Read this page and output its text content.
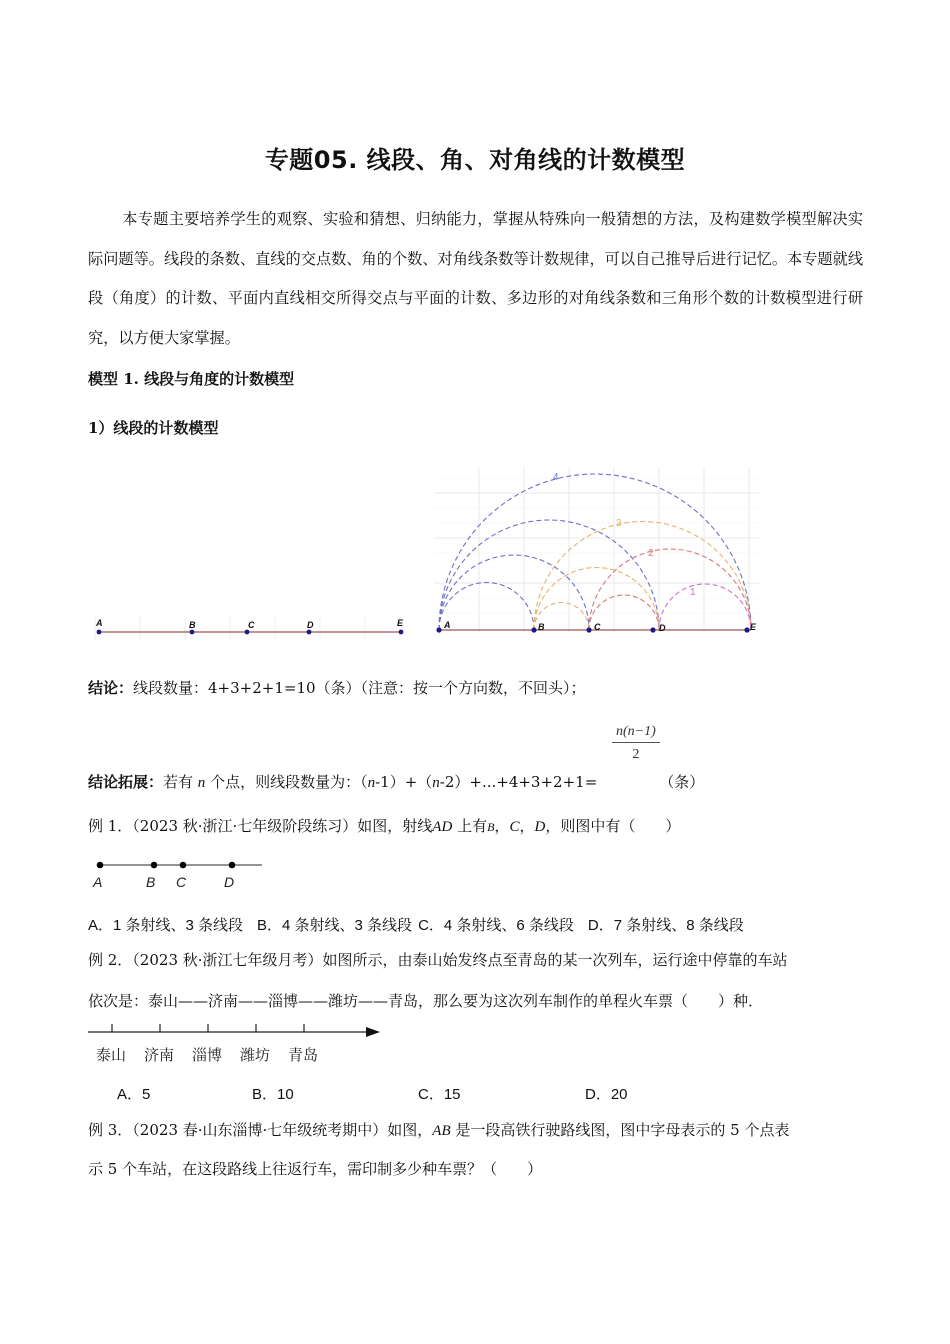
专题05. 线段、角、对角线的计数模型
本专题主要培养学生的观察、实验和猜想、归纳能力，掌握从特殊向一般猜想的方法，及构建数学模型解决实际问题等。线段的条数、直线的交点数、角的个数、对角线条数等计数规律，可以自己推导后进行记忆。本专题就线段（角度）的计数、平面内直线相交所得交点与平面的计数、多边形的对角线条数和三角形个数的计数模型进行研究，以方便大家掌握。
模型 1. 线段与角度的计数模型
1）线段的计数模型
A	B	C	D	E
4
3
2
1
A	B	C	D	E
结论：线段数量：4+3+2+1=10（条）（注意：按一个方向数，不回头）；
$\frac{n(n-1)}{2}$
结论拓展：若有 n 个点，则线段数量为：（n-1）+（n-2）+...+4+3+2+1=	（条）
例 1．（2023 秋·浙江·七年级阶段练习）如图，射线AD 上有B，C，D，则图中有（　　）
A	B C	D
A．1 条射线、3 条线段 B．4 条射线、3 条线段 C．4 条射线、6 条线段 D．7 条射线、8 条线段
例 2．（2023 秋·浙江七年级月考）如图所示，由泰山始发终点至青岛的某一次列车，运行途中停靠的车站
依次是：泰山——济南——淄博——潍坊——青岛，那么要为这次列车制作的单程火车票（　　）种．
泰山 济南 淄博 潍坊 青岛
A．5	B．10	C．15	D．20
例 3．（2023 春·山东淄博·七年级统考期中）如图，AB 是一段高铁行驶路线图，图中字母表示的 5 个点表
示 5 个车站，在这段路线上往返行车，需印制多少种车票？（　　）
